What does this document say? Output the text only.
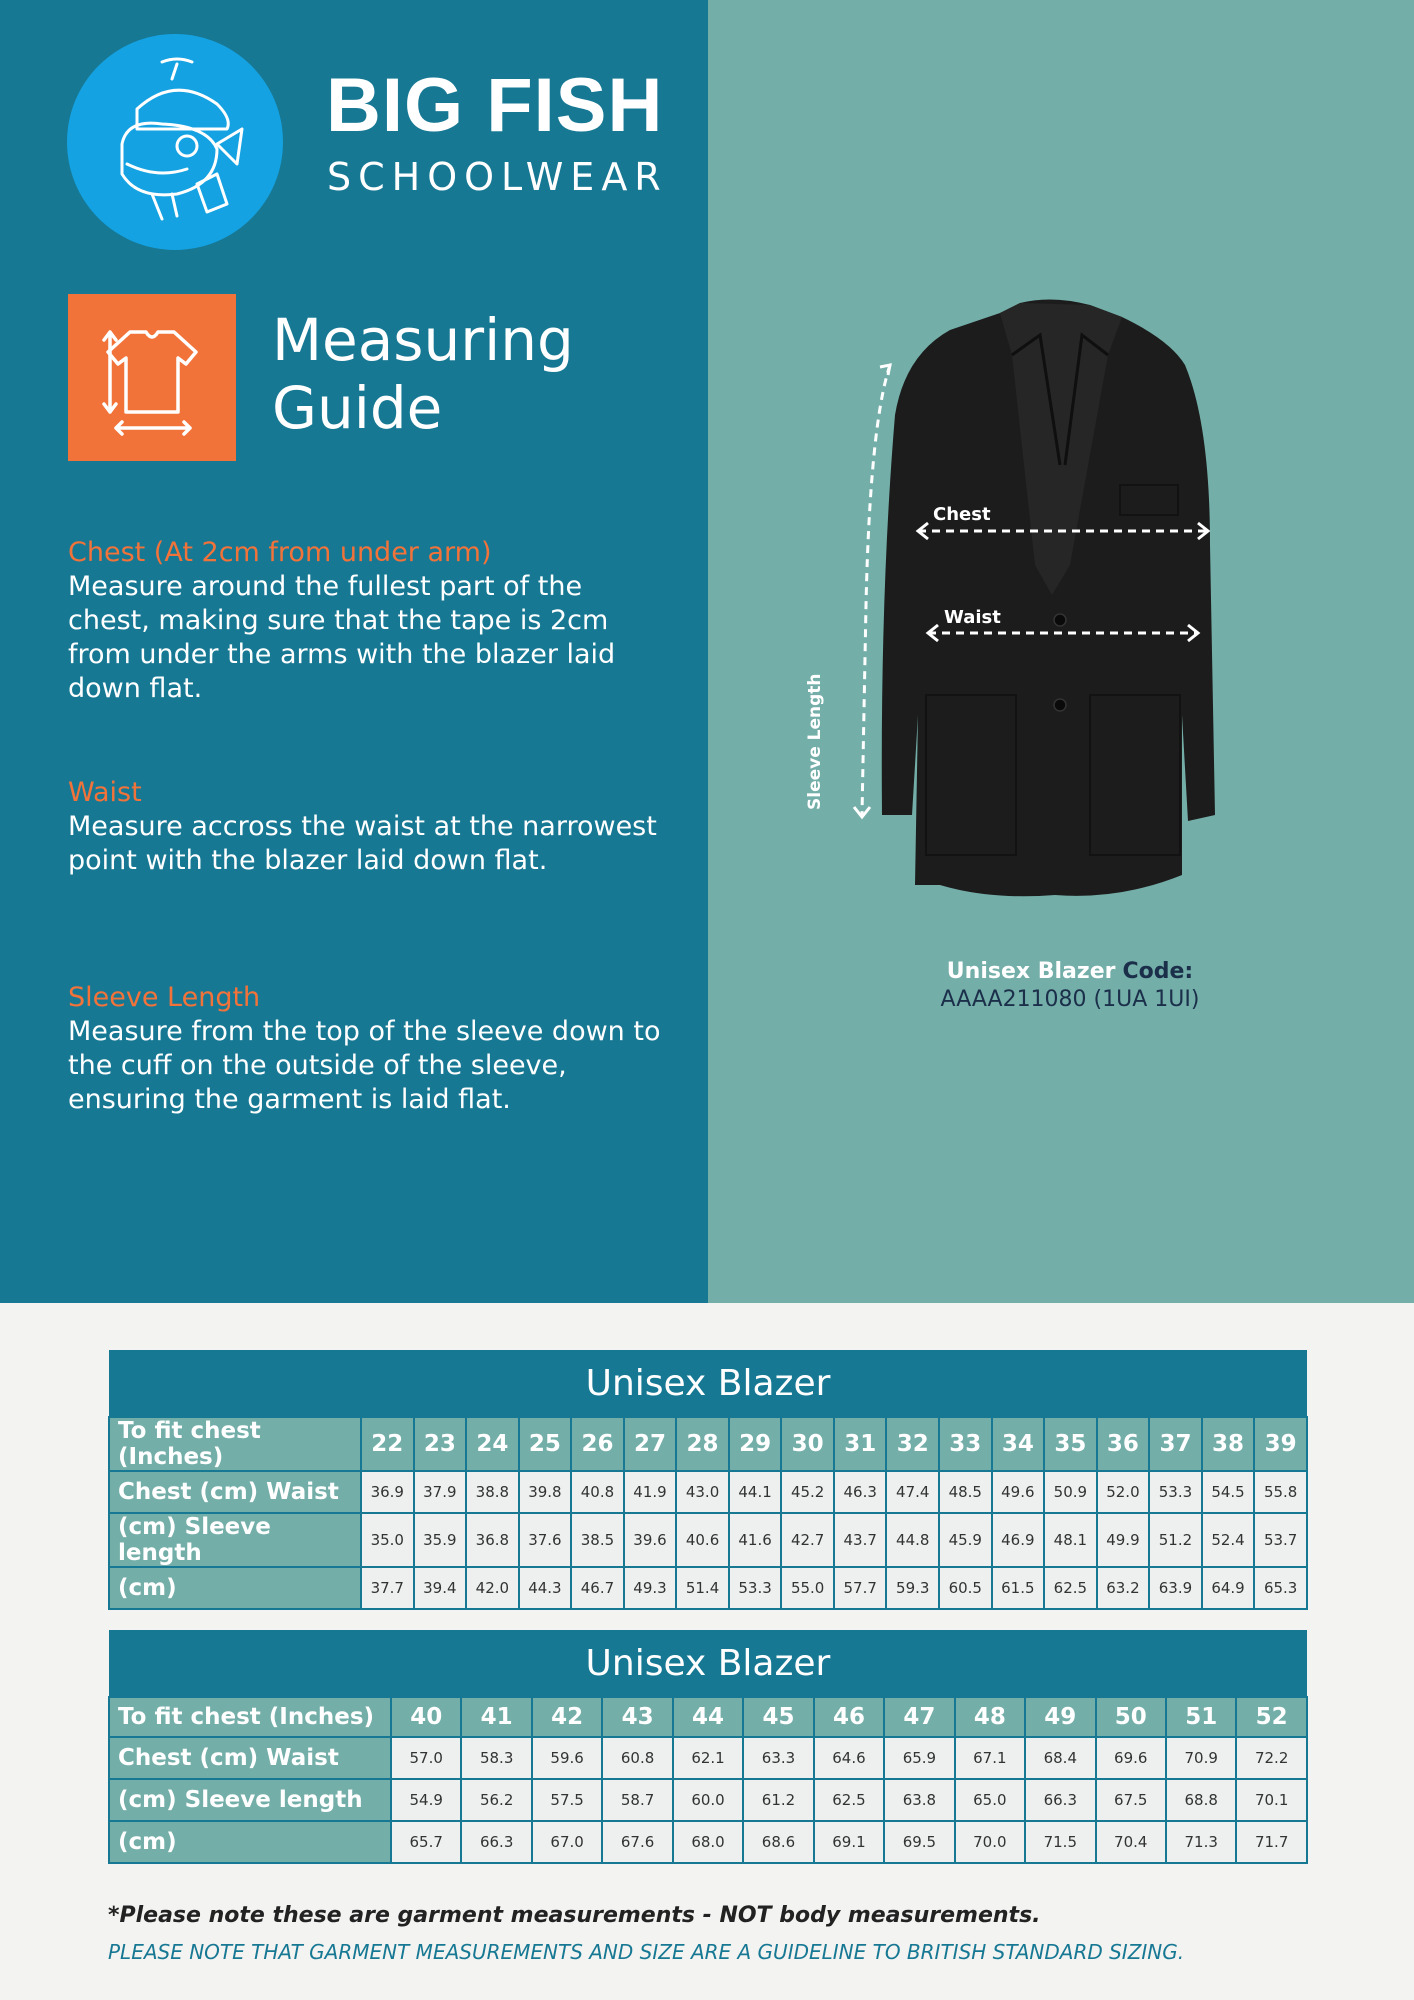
BIG FISH
SCHOOLWEAR
Measuring
Guide
Chest (At 2cm from under arm)
Measure around the fullest part of the chest, making sure that the tape is 2cm from under the arms with the blazer laid down flat.
Waist
Measure accross the waist at the narrowest point with the blazer laid down flat.
Sleeve Length
Measure from the top of the sleeve down to the cuff on the outside of the sleeve, ensuring the garment is laid flat.
Chest
Waist
Sleeve Length
Unisex Blazer Code:
AAAA211080 (1UA 1UI)
Unisex Blazer																		
To fit chest (Inches)	22	23	24	25	26	27	28	29	30	31	32	33	34	35	36	37	38	39
Chest (cm) Waist	36.9	37.9	38.8	39.8	40.8	41.9	43.0	44.1	45.2	46.3	47.4	48.5	49.6	50.9	52.0	53.3	54.5	55.8
(cm) Sleeve length	35.0	35.9	36.8	37.6	38.5	39.6	40.6	41.6	42.7	43.7	44.8	45.9	46.9	48.1	49.9	51.2	52.4	53.7
(cm)	37.7	39.4	42.0	44.3	46.7	49.3	51.4	53.3	55.0	57.7	59.3	60.5	61.5	62.5	63.2	63.9	64.9	65.3
Unisex Blazer													
To fit chest (Inches)	40	41	42	43	44	45	46	47	48	49	50	51	52
Chest (cm) Waist	57.0	58.3	59.6	60.8	62.1	63.3	64.6	65.9	67.1	68.4	69.6	70.9	72.2
(cm) Sleeve length	54.9	56.2	57.5	58.7	60.0	61.2	62.5	63.8	65.0	66.3	67.5	68.8	70.1
(cm)	65.7	66.3	67.0	67.6	68.0	68.6	69.1	69.5	70.0	71.5	70.4	71.3	71.7
*Please note these are garment measurements - NOT body measurements.
PLEASE NOTE THAT GARMENT MEASUREMENTS AND SIZE ARE A GUIDELINE TO BRITISH STANDARD SIZING.
